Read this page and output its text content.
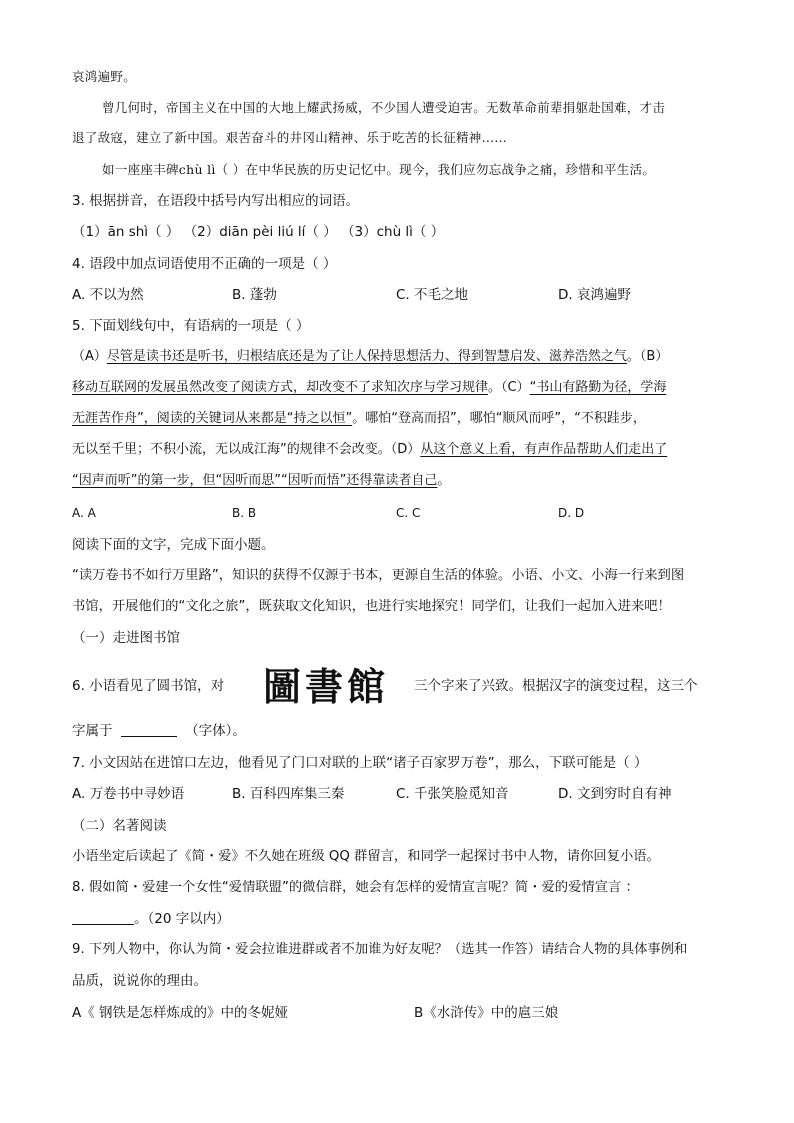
哀鸿遍野。
曾几何时，帝国主义在中国的大地上耀武扬威，不少国人遭受迫害。无数革命前辈捐躯赴国难，才击
退了敌寇，建立了新中国。艰苦奋斗的井冈山精神、乐于吃苦的长征精神……
如一座座丰碑chù lì（ ）在中华民族的历史记忆中。现今，我们应勿忘战争之痛，珍惜和平生活。
3. 根据拼音，在语段中括号内写出相应的词语。
（1）ān shì（ ） （2）diān pèi liú lí（ ） （3）chù lì（ ）
4. 语段中加点词语使用不正确的一项是（ ）
A. 不以为然	B. 蓬勃	C. 不毛之地	D. 哀鸿遍野
5. 下面划线句中，有语病的一项是（ ）
（A）尽管是读书还是听书，归根结底还是为了让人保持思想活力、得到智慧启发、滋养浩然之气。（B）
移动互联网的发展虽然改变了阅读方式，却改变不了求知次序与学习规律。（C）“书山有路勤为径，学海
无涯苦作舟”，阅读的关键词从来都是“持之以恒”。哪怕“登高而招”，哪怕“顺风而呼”，“不积跬步，
无以至千里；不积小流，无以成江海”的规律不会改变。（D）从这个意义上看，有声作品帮助人们走出了
“因声而听”的第一步，但“因听而思”“因听而悟”还得靠读者自己。
A. A	B. B	C. C	D. D
阅读下面的文字，完成下面小题。
“读万卷书不如行万里路”，知识的获得不仅源于书本，更源自生活的体验。小语、小文、小海一行来到图
书馆，开展他们的“文化之旅”，既获取文化知识，也进行实地探究！同学们，让我们一起加入进来吧！
（一）走进图书馆
6. 小语看见了圆书馆，对 圖書館 三个字来了兴致。根据汉字的演变过程，这三个
字属于	（字体）。
7. 小文因站在进馆口左边，他看见了门口对联的上联“诸子百家罗万卷”，那么，下联可能是（ ）
A. 万卷书中寻妙语	B. 百科四库集三秦	C. 千张笑脸觅知音	D. 文到穷时自有神
（二）名著阅读
小语坐定后读起了《简・爱》不久她在班级 QQ 群留言，和同学一起探讨书中人物，请你回复小语。
8. 假如简・爱建一个女性“爱情联盟”的微信群，她会有怎样的爱情宣言呢？简・爱的爱情宣言 ：
。（20 字以内）
9. 下列人物中，你认为简・爱会拉谁进群或者不加谁为好友呢？（选其一作答）请结合人物的具体事例和
品质，说说你的理由。
A《 钢铁是怎样炼成的》中的冬妮娅	B《水浒传》中的扈三娘
